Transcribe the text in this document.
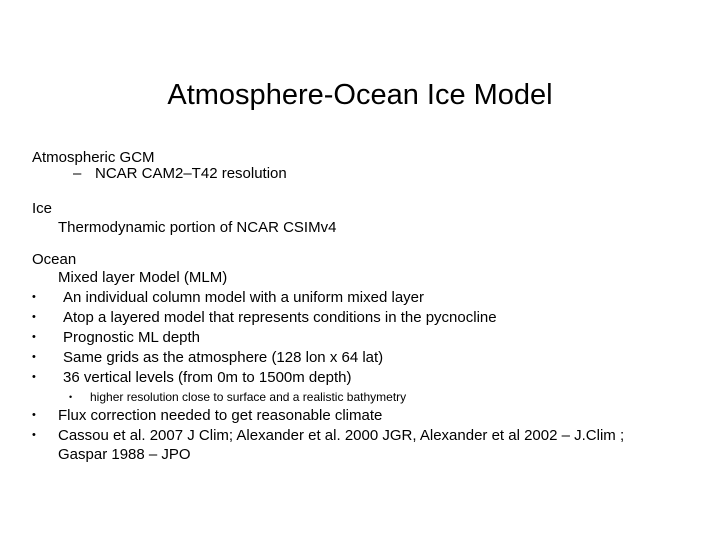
Atmosphere-Ocean Ice Model
Atmospheric GCM
– NCAR CAM2–T42 resolution
Ice
Thermodynamic portion of NCAR CSIMv4
Ocean
Mixed layer Model (MLM)
• An individual column model with a uniform mixed layer
• Atop a layered model that represents conditions in the pycnocline
• Prognostic ML depth
• Same grids as the atmosphere (128 lon x 64 lat)
• 36 vertical levels (from 0m to 1500m depth)
• higher resolution close to surface and a realistic bathymetry
• Flux correction needed to get reasonable climate
• Cassou et al. 2007 J Clim; Alexander et al. 2000 JGR, Alexander et al 2002 – J.Clim ;
Gaspar 1988 – JPO
